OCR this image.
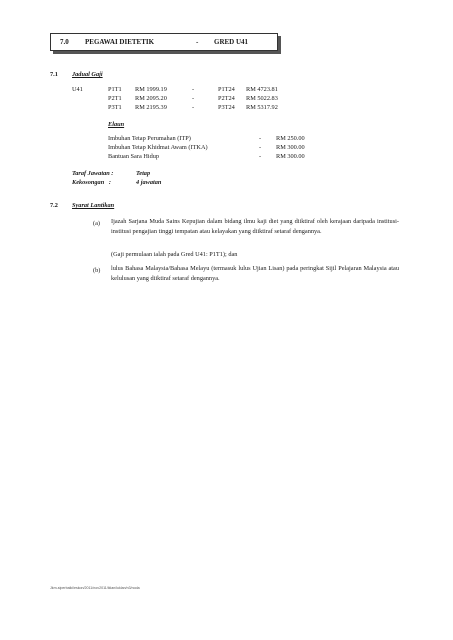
7.0 PEGAWAI DIETETIK	- GRED U41
7.1 Jadual Gaji
U41	P1T1 RM 1999.19	-	P1T24 RM 4723.81
P2T1 RM 2095.20	-	P2T24 RM 5022.83
P3T1 RM 2195.39	-	P3T24 RM 5317.92
Elaun
Imbuhan Tetap Perumahan (ITP)	- RM 250.00
Imbuhan Tetap Khidmat Awam (ITKA)	- RM 300.00
Bantuan Sara Hidup	- RM 300.00
Taraf Jawatan :	Tetap
Kekosongan   :	4 jawatan
7.2 Syarat Lantikan
(a) Ijazah Sarjana Muda Sains Kepujian dalam bidang ilmu kaji diet yang diiktiraf oleh kerajaan daripada institusi-institusi pengajian tinggi tempatan atau kelayakan yang diiktiraf setaraf dengannya.
(Gaji permulaan ialah pada Gred U41: P1T1); dan
(b) lulus Bahasa Malaysia/Bahasa Melayu (termasuk lulus Ujian Lisan) pada peringkat Sijil Pelajaran Malaysia atau kelulusan yang diiktiraf setaraf dengannya.
Jkm-siperbaiki/eskon/2011/nov2011/iklan/iuklan/n3/noda
